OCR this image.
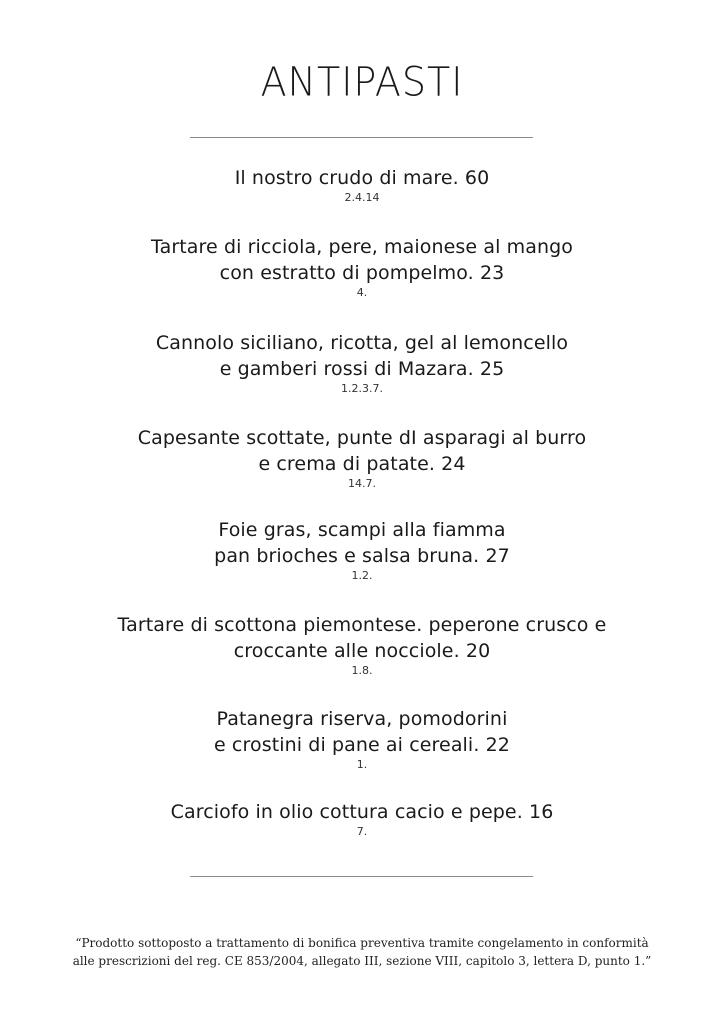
ANTIPASTI
Il nostro crudo di mare. 60
2.4.14
Tartare di ricciola, pere, maionese al mango
con estratto di pompelmo. 23
4.
Cannolo siciliano, ricotta, gel al lemoncello
e gamberi rossi di Mazara. 25
1.2.3.7.
Capesante scottate, punte dI asparagi al burro
e crema di patate. 24
14.7.
Foie gras, scampi alla fiamma
pan brioches e salsa bruna. 27
1.2.
Tartare di scottona piemontese. peperone crusco e
croccante alle nocciole. 20
1.8.
Patanegra riserva, pomodorini
e crostini di pane ai cereali. 22
1.
Carciofo in olio cottura cacio e pepe. 16
7.
“Prodotto sottoposto a trattamento di bonifica preventiva tramite congelamento in conformità
alle prescrizioni del reg. CE 853/2004, allegato III, sezione VIII, capitolo 3, lettera D, punto 1.”
